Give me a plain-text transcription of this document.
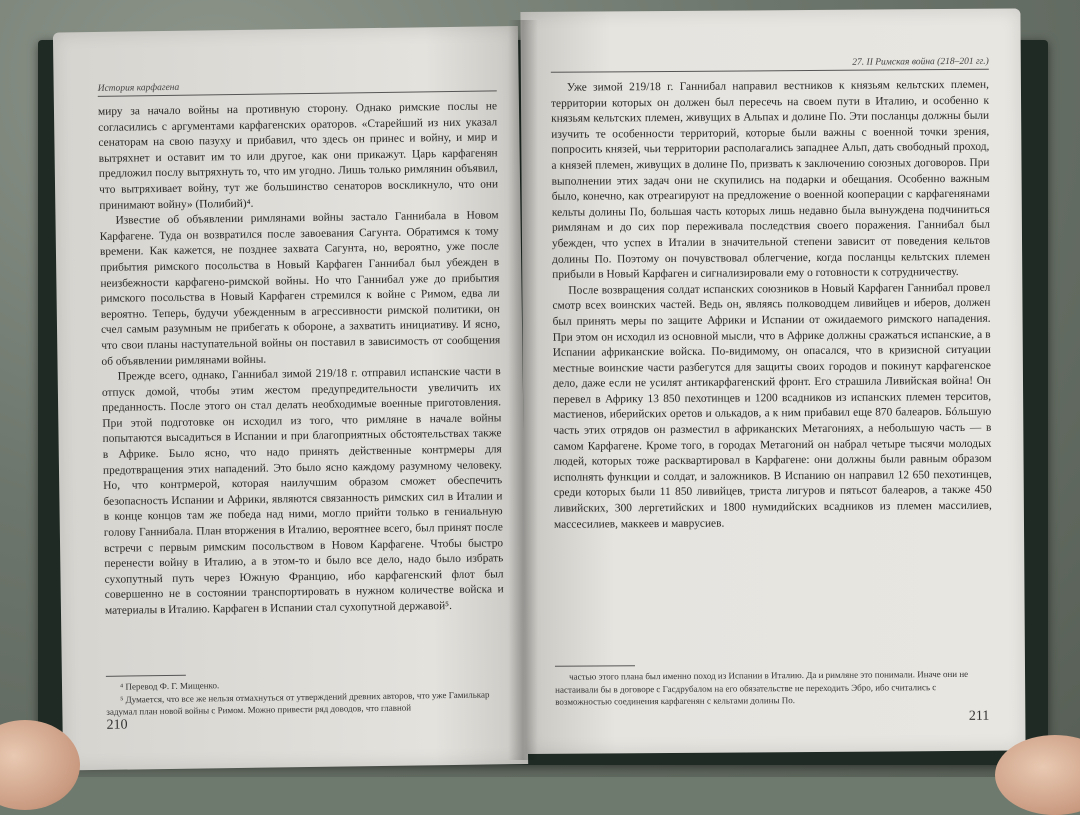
История карфагена

миру за начало войны на противную сторону. Однако римские послы не согласились с аргументами карфагенских ораторов. «Старейший из них указал сенаторам на свою пазуху и прибавил, что здесь он принес и войну, и мир и вытряхнет и оставит им то или другое, как они прикажут. Царь карфагенян предложил послу вытряхнуть то, что им угодно. Лишь только римлянин объявил, что вытряхивает войну, тут же большинство сенаторов воскликнуло, что они принимают войну» (Полибий)⁴.

Известие об объявлении римлянами войны застало Ганнибала в Новом Карфагене. Туда он возвратился после завоевания Сагунта. Обратимся к тому времени. Как кажется, не позднее захвата Сагунта, но, вероятно, уже после прибытия римского посольства в Новый Карфаген Ганнибал был убежден в неизбежности карфагено-римской войны. Но что Ганнибал уже до прибытия римского посольства в Новый Карфаген стремился к войне с Римом, едва ли вероятно. Теперь, будучи убежденным в агрессивности римской политики, он счел самым разумным не прибегать к обороне, а захватить инициативу. И ясно, что свои планы наступательной войны он поставил в зависимость от сообщения об объявлении римлянами войны.

Прежде всего, однако, Ганнибал зимой 219/18 г. отправил испанские части в отпуск домой, чтобы этим жестом предупредительности увеличить их преданность. После этого он стал делать необходимые военные приготовления. При этой подготовке он исходил из того, что римляне в начале войны попытаются высадиться в Испании и при благоприятных обстоятельствах также в Африке. Было ясно, что надо принять действенные контрмеры для предотвращения этих нападений. Это было ясно каждому разумному человеку. Но, что контрмерой, которая наилучшим образом сможет обеспечить безопасность Испании и Африки, являются связанность римских сил в Италии и в конце концов там же победа над ними, могло прийти только в гениальную голову Ганнибала. План вторжения в Италию, вероятнее всего, был принят после встречи с первым римским посольством в Новом Карфагене. Чтобы быстро перенести войну в Италию, а в этом-то и было все дело, надо было избрать сухопутный путь через Южную Францию, ибо карфагенский флот был совершенно не в состоянии транспортировать в нужном количестве войска и материалы в Италию. Карфаген в Испании стал сухопутной державой⁵.

⁴ Перевод Ф. Г. Мищенко.

⁵ Думается, что все же нельзя отмахнуться от утверждений древних авторов, что уже Гамилькар задумал план новой войны с Римом. Можно привести ряд доводов, что главной

210
27. II Римская война (218–201 гг.)

Уже зимой 219/18 г. Ганнибал направил вестников к князьям кельтских племен, территории которых он должен был пересечь на своем пути в Италию, и особенно к князьям кельтских племен, живущих в Альпах и долине По. Эти посланцы должны были изучить те особенности территорий, которые были важны с военной точки зрения, попросить князей, чьи территории располагались западнее Альп, дать свободный проход, а князей племен, живущих в долине По, призвать к заключению союзных договоров. При выполнении этих задач они не скупились на подарки и обещания. Особенно важным было, конечно, как отреагируют на предложение о военной кооперации с карфагенянами кельты долины По, большая часть которых лишь недавно была вынуждена подчиниться римлянам и до сих пор переживала последствия своего поражения. Ганнибал был убежден, что успех в Италии в значительной степени зависит от поведения кельтов долины По. Поэтому он почувствовал облегчение, когда посланцы кельтских племен прибыли в Новый Карфаген и сигнализировали ему о готовности к сотрудничеству.

После возвращения солдат испанских союзников в Новый Карфаген Ганнибал провел смотр всех воинских частей. Ведь он, являясь полководцем ливийцев и иберов, должен был принять меры по защите Африки и Испании от ожидаемого римского нападения. При этом он исходил из основной мысли, что в Африке должны сражаться испанские, а в Испании африканские войска. По-видимому, он опасался, что в кризисной ситуации местные воинские части разбегутся для защиты своих городов и покинут карфагенское дело, даже если не усилят антикарфагенский фронт. Его страшила Ливийская война! Он перевел в Африку 13 850 пехотинцев и 1200 всадников из испанских племен терситов, мастиенов, иберийских оретов и олькадов, а к ним прибавил еще 870 балеаров. Бóльшую часть этих отрядов он разместил в африканских Метагониях, а небольшую часть — в самом Карфагене. Кроме того, в городах Метагоний он набрал четыре тысячи молодых людей, которых тоже расквартировал в Карфагене: они должны были равным образом исполнять функции и солдат, и заложников. В Испанию он направил 12 650 пехотинцев, среди которых были 11 850 ливийцев, триста лигуров и пятьсот балеаров, а также 450 ливийских, 300 лергетийских и 1800 нумидийских всадников из племен массилиев, массесилиев, маккеев и маврусиев.

частью этого плана был именно поход из Испании в Италию. Да и римляне это понимали. Иначе они не настаивали бы в договоре с Гасдрубалом на его обязательстве не переходить Эбро, ибо считались с возможностью соединения карфагенян с кельтами долины По.

211
